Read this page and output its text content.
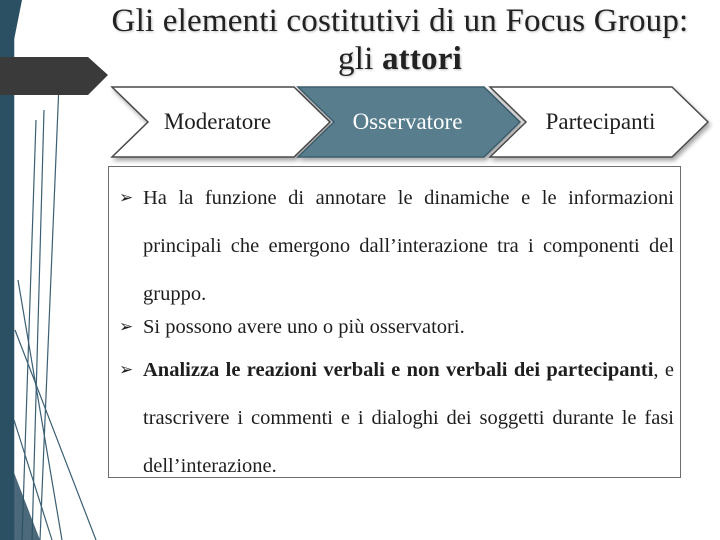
Gli elementi costitutivi di un Focus Group:
gli attori
Moderatore	Osservatore	Partecipanti
➢ Ha la funzione di annotare le dinamiche e le informazioni principali che emergono dall’interazione tra i componenti del gruppo.
➢ Si possono avere uno o più osservatori.
➢ Analizza le reazioni verbali e non verbali dei partecipanti, e trascrivere i commenti e i dialoghi dei soggetti durante le fasi dell’interazione.
